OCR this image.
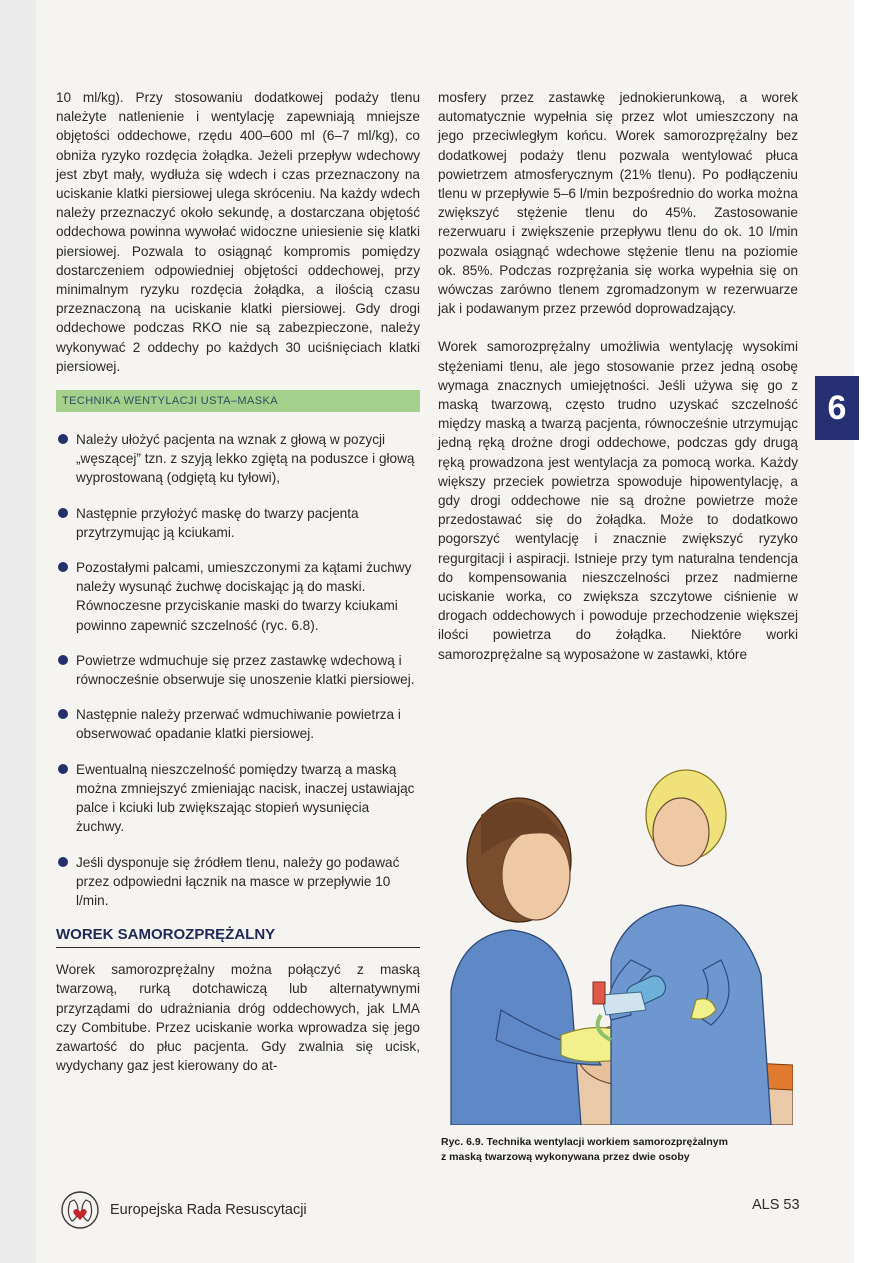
10 ml/kg). Przy stosowaniu dodatkowej podaży tlenu należyte natlenienie i wentylację zapewniają mniejsze objętości oddechowe, rzędu 400–600 ml (6–7 ml/kg), co obniża ryzyko rozdęcia żołądka. Jeżeli przepływ wdechowy jest zbyt mały, wydłuża się wdech i czas przeznaczony na uciskanie klatki piersiowej ulega skróceniu. Na każdy wdech należy przeznaczyć około sekundę, a dostarczana objętość oddechowa powinna wywołać widoczne uniesienie się klatki piersiowej. Pozwala to osiągnąć kompromis pomiędzy dostarczeniem odpowiedniej objętości oddechowej, przy minimalnym ryzyku rozdęcia żołądka, a ilością czasu przeznaczoną na uciskanie klatki piersiowej. Gdy drogi oddechowe podczas RKO nie są zabezpieczone, należy wykonywać 2 oddechy po każdych 30 uciśnięciach klatki piersiowej.

TECHNIKA WENTYLACJI USTA–MASKA
Należy ułożyć pacjenta na wznak z głową w pozycji „węszącej” tzn. z szyją lekko zgiętą na poduszce i głową wyprostowaną (odgiętą ku tyłowi),
Następnie przyłożyć maskę do twarzy pacjenta przytrzymując ją kciukami.
Pozostałymi palcami, umieszczonymi za kątami żuchwy należy wysunąć żuchwę dociskając ją do maski. Równoczesne przyciskanie maski do twarzy kciukami powinno zapewnić szczelność (ryc. 6.8).
Powietrze wdmuchuje się przez zastawkę wdechową i równocześnie obserwuje się unoszenie klatki piersiowej.
Następnie należy przerwać wdmuchiwanie powietrza i obserwować opadanie klatki piersiowej.
Ewentualną nieszczelność pomiędzy twarzą a maską można zmniejszyć zmieniając nacisk, inaczej ustawiając palce i kciuki lub zwiększając stopień wysunięcia żuchwy.
Jeśli dysponuje się źródłem tlenu, należy go podawać przez odpowiedni łącznik na masce w przepływie 10 l/min.
WOREK SAMOROZPRĘŻALNY

Worek samorozprężalny można połączyć z maską twarzową, rurką dotchawiczą lub alternatywnymi przyrządami do udrażniania dróg oddechowych, jak LMA czy Combitube. Przez uciskanie worka wprowadza się jego zawartość do płuc pacjenta. Gdy zwalnia się ucisk, wydychany gaz jest kierowany do at-

mosfery przez zastawkę jednokierunkową, a worek automatycznie wypełnia się przez wlot umieszczony na jego przeciwległym końcu. Worek samorozprężalny bez dodatkowej podaży tlenu pozwala wentylować płuca powietrzem atmosferycznym (21% tlenu). Po podłączeniu tlenu w przepływie 5–6 l/min bezpośrednio do worka można zwiększyć stężenie tlenu do 45%. Zastosowanie rezerwuaru i zwiększenie przepływu tlenu do ok. 10 l/min pozwala osiągnąć wdechowe stężenie tlenu na poziomie ok. 85%. Podczas rozprężania się worka wypełnia się on wówczas zarówno tlenem zgromadzonym w rezerwuarze jak i podawanym przez przewód doprowadzający.

Worek samorozprężalny umożliwia wentylację wysokimi stężeniami tlenu, ale jego stosowanie przez jedną osobę wymaga znacznych umiejętności. Jeśli używa się go z maską twarzową, często trudno uzyskać szczelność między maską a twarzą pacjenta, równocześnie utrzymując jedną ręką drożne drogi oddechowe, podczas gdy drugą ręką prowadzona jest wentylacja za pomocą worka. Każdy większy przeciek powietrza spowoduje hipowentylację, a gdy drogi oddechowe nie są drożne powietrze może przedostawać się do żołądka. Może to dodatkowo pogorszyć wentylację i znacznie zwiększyć ryzyko regurgitacji i aspiracji. Istnieje przy tym naturalna tendencja do kompensowania nieszczelności przez nadmierne uciskanie worka, co zwiększa szczytowe ciśnienie w drogach oddechowych i powoduje przechodzenie większej ilości powietrza do żołądka. Niektóre worki samorozprężalne są wyposażone w zastawki, które

6
Ryc. 6.9. Technika wentylacji workiem samorozprężalnym
z maską twarzową wykonywana przez dwie osoby
Europejska Rada Resuscytacji	ALS 53
